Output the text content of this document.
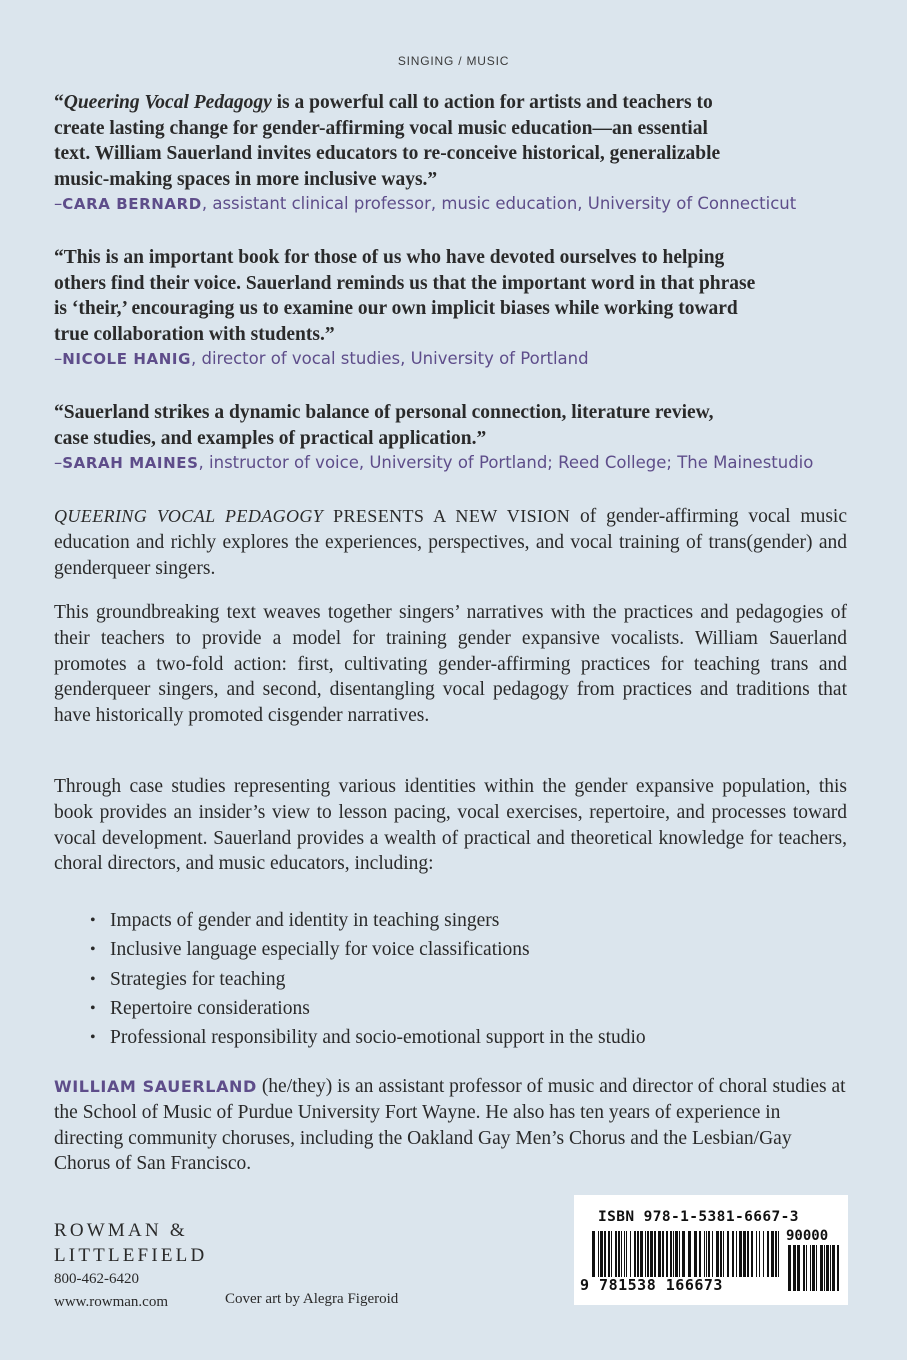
SINGING / MUSIC

“Queering Vocal Pedagogy is a powerful call to action for artists and teachers to
create lasting change for gender-affirming vocal music education—an essential
text. William Sauerland invites educators to re-conceive historical, generalizable
music-making spaces in more inclusive ways.”

–CARA BERNARD, assistant clinical professor, music education, University of Connecticut

“This is an important book for those of us who have devoted ourselves to helping
others find their voice. Sauerland reminds us that the important word in that phrase
is ‘their,’ encouraging us to examine our own implicit biases while working toward
true collaboration with students.”

–NICOLE HANIG, director of vocal studies, University of Portland

“Sauerland strikes a dynamic balance of personal connection, literature review,
case studies, and examples of practical application.”

–SARAH MAINES, instructor of voice, University of Portland; Reed College; The Mainestudio

QUEERING VOCAL PEDAGOGY PRESENTS A NEW VISION of gender-affirming vocal music education and richly explores the experiences, perspectives, and vocal training of trans(gender) and genderqueer singers.

This groundbreaking text weaves together singers’ narratives with the practices and pedagogies of their teachers to provide a model for training gender expansive vocalists. William Sauerland promotes a two-fold action: first, cultivating gender-affirming practices for teaching trans and genderqueer singers, and second, disentangling vocal pedagogy from practices and traditions that have historically promoted cisgender narratives.

Through case studies representing various identities within the gender expansive population, this book provides an insider’s view to lesson pacing, vocal exercises, repertoire, and processes toward vocal development. Sauerland provides a wealth of practical and theoretical knowledge for teachers, choral directors, and music educators, including:

• Impacts of gender and identity in teaching singers
• Inclusive language especially for voice classifications
• Strategies for teaching
• Repertoire considerations
• Professional responsibility and socio-emotional support in the studio

WILLIAM SAUERLAND (he/they) is an assistant professor of music and director of choral studies at the School of Music of Purdue University Fort Wayne. He also has ten years of experience in directing community choruses, including the Oakland Gay Men’s Chorus and the Lesbian/Gay Chorus of San Francisco.

ROWMAN &
LITTLEFIELD
800-462-6420
www.rowman.com	Cover art by Alegra Figeroid
ISBN 978-1-5381-6667-3
90000
9 781538 166673
